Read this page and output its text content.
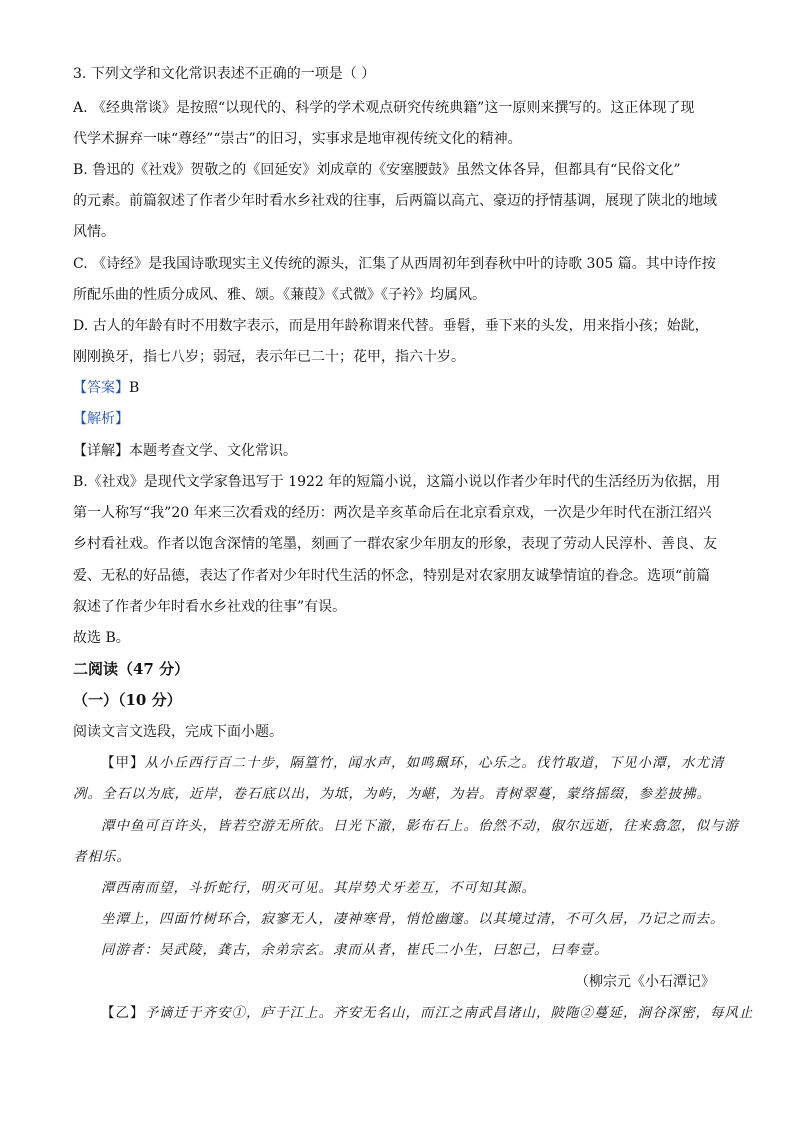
3. 下列文学和文化常识表述不正确的一项是（ ）
A. 《经典常谈》是按照“以现代的、科学的学术观点研究传统典籍”这一原则来撰写的。这正体现了现
代学术摒弃一味“尊经”“崇古”的旧习，实事求是地审视传统文化的精神。
B. 鲁迅的《社戏》贺敬之的《回延安》刘成章的《安塞腰鼓》虽然文体各异，但都具有“民俗文化”
的元素。前篇叙述了作者少年时看水乡社戏的往事，后两篇以高亢、豪迈的抒情基调，展现了陕北的地域
风情。
C. 《诗经》是我国诗歌现实主义传统的源头，汇集了从西周初年到春秋中叶的诗歌 305 篇。其中诗作按
所配乐曲的性质分成风、雅、颂。《蒹葭》《式微》《子衿》均属风。
D. 古人的年龄有时不用数字表示，而是用年龄称谓来代替。垂髫，垂下来的头发，用来指小孩；始龀，
刚刚换牙，指七八岁；弱冠，表示年已二十；花甲，指六十岁。
【答案】B
【解析】
【详解】本题考查文学、文化常识。
B.《社戏》是现代文学家鲁迅写于 1922 年的短篇小说，这篇小说以作者少年时代的生活经历为依据，用
第一人称写“我”20 年来三次看戏的经历：两次是辛亥革命后在北京看京戏，一次是少年时代在浙江绍兴
乡村看社戏。作者以饱含深情的笔墨，刻画了一群农家少年朋友的形象，表现了劳动人民淳朴、善良、友
爱、无私的好品德，表达了作者对少年时代生活的怀念，特别是对农家朋友诚挚情谊的眷念。选项“前篇
叙述了作者少年时看水乡社戏的往事”有误。
故选 B。
二阅读（47 分）
（一）（10 分）
阅读文言文选段，完成下面小题。
【甲】从小丘西行百二十步，隔篁竹，闻水声，如鸣珮环，心乐之。伐竹取道，下见小潭，水尤清
冽。全石以为底，近岸，卷石底以出，为坻，为屿，为嵁，为岩。青树翠蔓，蒙络摇缀，参差披拂。
潭中鱼可百许头，皆若空游无所依。日光下澈，影布石上。佁然不动，俶尔远逝，往来翕忽，似与游
者相乐。
潭西南而望，斗折蛇行，明灭可见。其岸势犬牙差互，不可知其源。
坐潭上，四面竹树环合，寂寥无人，凄神寒骨，悄怆幽邃。以其境过清，不可久居，乃记之而去。
同游者：吴武陵，龚古，余弟宗玄。隶而从者，崔氏二小生，曰恕己，曰奉壹。
（柳宗元《小石潭记》
【乙】予谪迁于齐安①，庐于江上。齐安无名山，而江之南武昌诸山，陂陁②蔓延，涧谷深密，每风止
